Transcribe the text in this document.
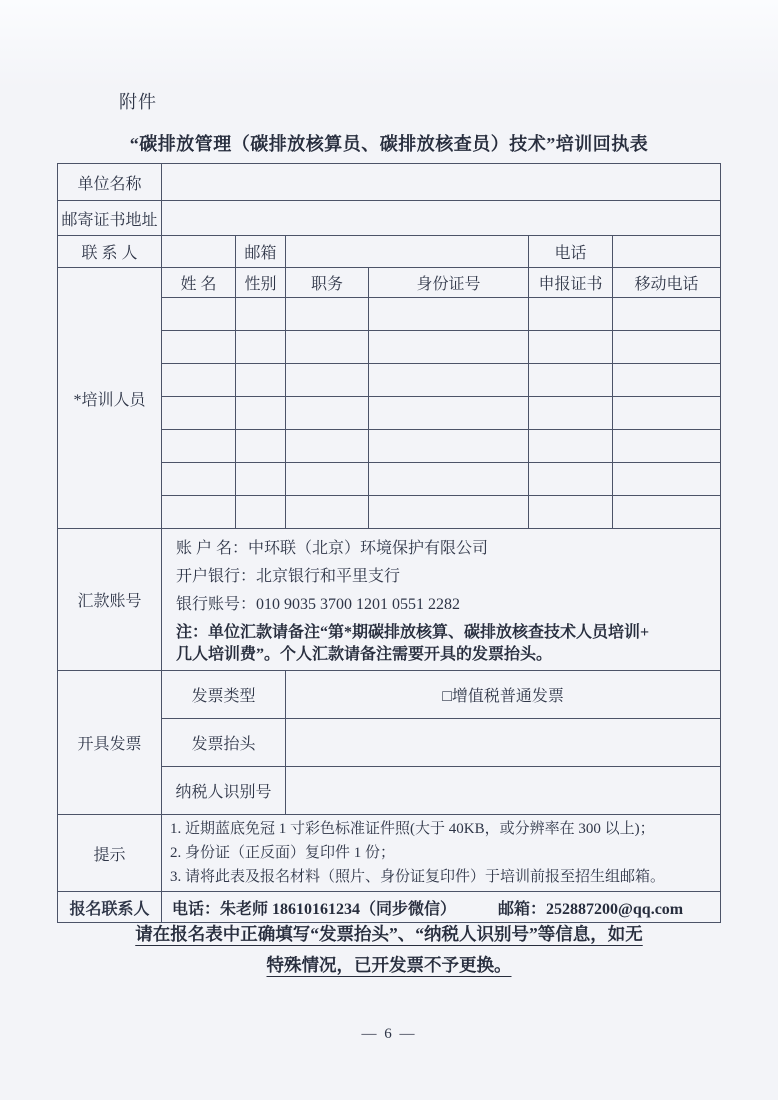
附件
“碳排放管理（碳排放核算员、碳排放核查员）技术”培训回执表
单位名称						
邮寄证书地址						
联 系 人		邮箱			电话	
*培训人员	姓 名	性别	职务	身份证号	申报证书	移动电话

汇款账号	账 户 名：中环联（北京）环境保护有限公司
开户银行：北京银行和平里支行
银行账号：010 9035 3700 1201 0551 2282
注：单位汇款请备注“第*期碳排放核算、碳排放核查技术人员培训+
几人培训费”。个人汇款请备注需要开具的发票抬头。					

开具发票	发票类型		□增值税普通发票			
	发票抬头					
	纳税人识别号					
提示	1. 近期蓝底免冠 1 寸彩色标准证件照(大于 40KB，或分辨率在 300 以上)；
2. 身份证（正反面）复印件 1 份；
3. 请将此表及报名材料（照片、身份证复印件）于培训前报至招生组邮箱。					

报名联系人	电话：朱老师 18610161234（同步微信） 邮箱：252887200@qq.com					
请在报名表中正确填写“发票抬头”、“纳税人识别号”等信息，如无
特殊情况，已开发票不予更换。
— 6 —
